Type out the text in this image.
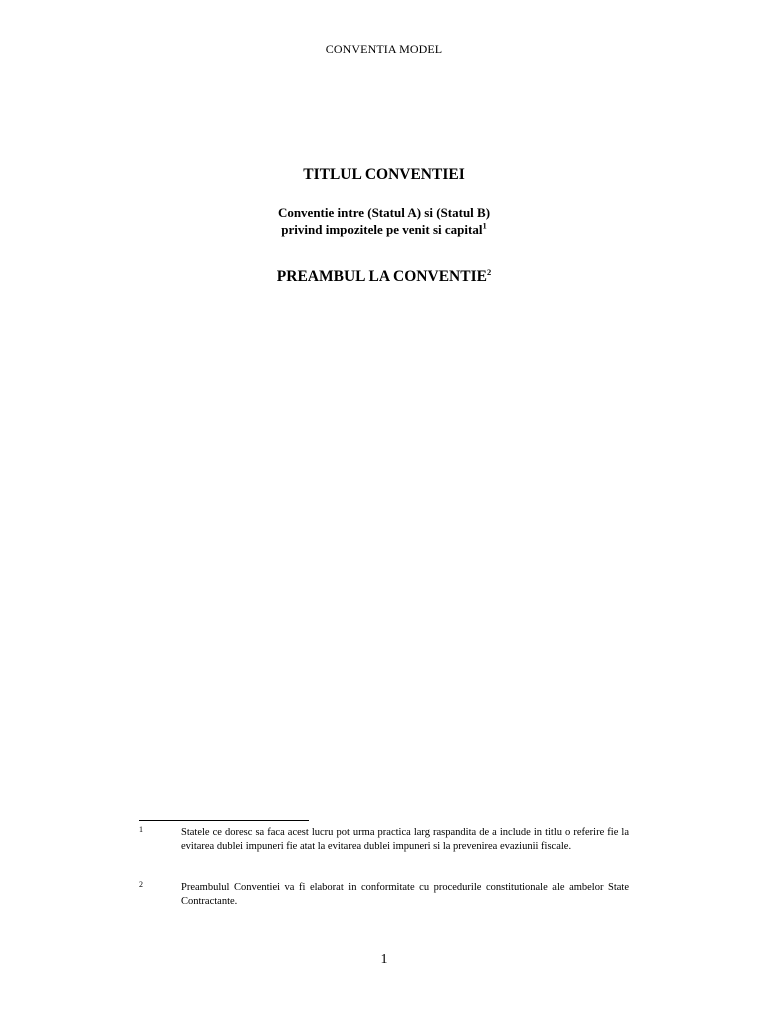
CONVENTIA MODEL
TITLUL CONVENTIEI
Conventie intre (Statul A) si (Statul B)
privind impozitele pe venit si capital$^1$
PREAMBUL LA CONVENTIE$^2$
1	Statele ce doresc sa faca acest lucru pot urma practica larg raspandita de a include in titlu o referire fie la evitarea dublei impuneri fie atat la evitarea dublei impuneri si la prevenirea evaziunii fiscale.
2	Preambulul Conventiei va fi elaborat in conformitate cu procedurile constitutionale ale ambelor State Contractante.
1
